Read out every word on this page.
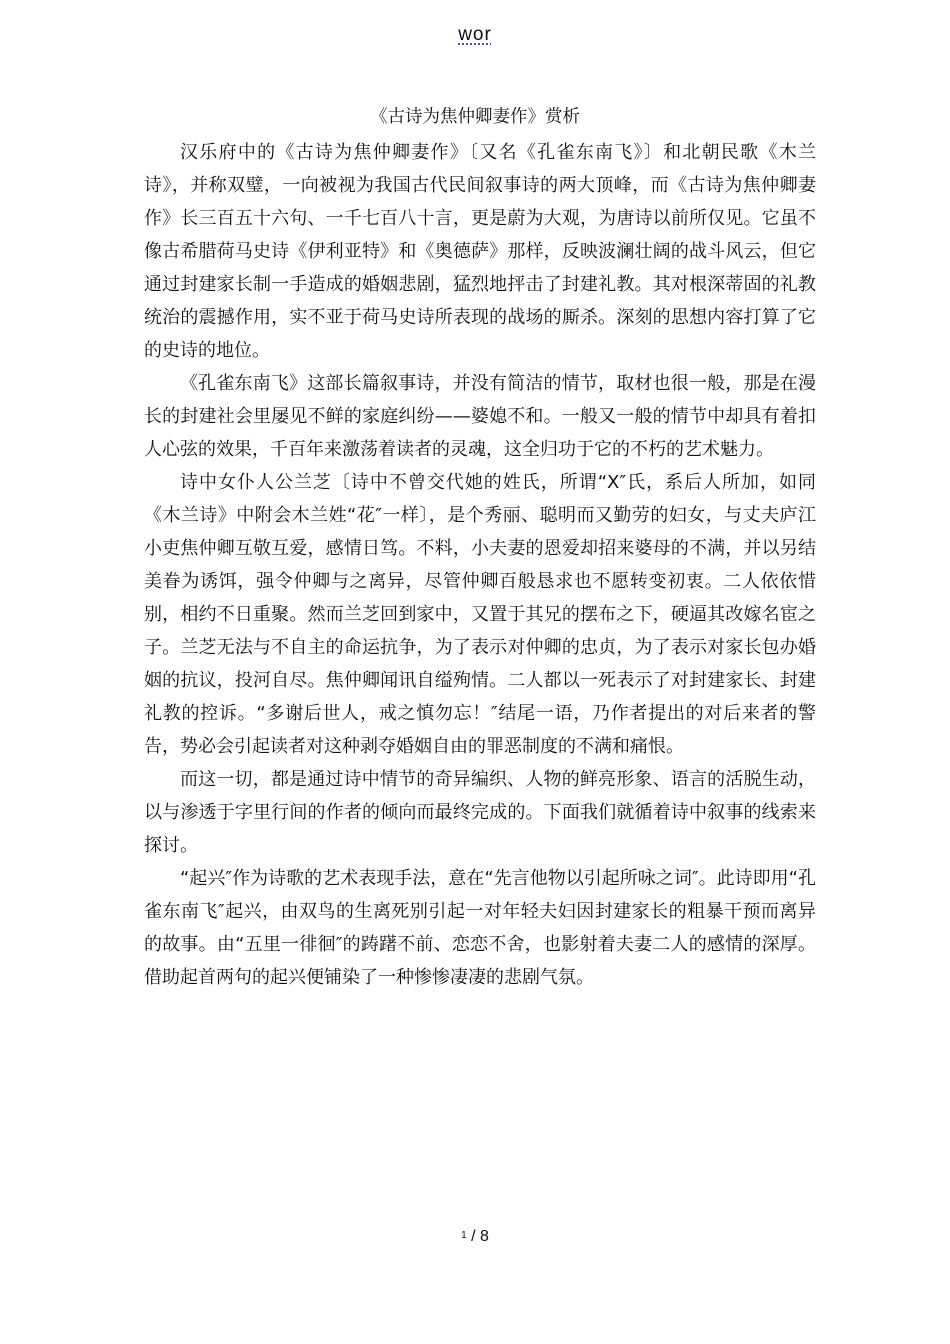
wor
《古诗为焦仲卿妻作》赏析

汉乐府中的《古诗为焦仲卿妻作》〔又名《孔雀东南飞》〕和北朝民歌《木兰诗》，并称双璧，一向被视为我国古代民间叙事诗的两大顶峰，而《古诗为焦仲卿妻作》长三百五十六句、一千七百八十言，更是蔚为大观，为唐诗以前所仅见。它虽不像古希腊荷马史诗《伊利亚特》和《奥德萨》那样，反映波澜壮阔的战斗风云，但它通过封建家长制一手造成的婚姻悲剧，猛烈地抨击了封建礼教。其对根深蒂固的礼教统治的震撼作用，实不亚于荷马史诗所表现的战场的厮杀。深刻的思想内容打算了它的史诗的地位。

《孔雀东南飞》这部长篇叙事诗，并没有简洁的情节，取材也很一般，那是在漫长的封建社会里屡见不鲜的家庭纠纷——婆媳不和。一般又一般的情节中却具有着扣人心弦的效果，千百年来激荡着读者的灵魂，这全归功于它的不朽的艺术魅力。

诗中女仆人公兰芝〔诗中不曾交代她的姓氏，所谓“X″氏，系后人所加，如同《木兰诗》中附会木兰姓“花″一样〕，是个秀丽、聪明而又勤劳的妇女，与丈夫庐江小吏焦仲卿互敬互爱，感情日笃。不料，小夫妻的恩爱却招来婆母的不满，并以另结美眷为诱饵，强令仲卿与之离异，尽管仲卿百般恳求也不愿转变初衷。二人依依惜别，相约不日重聚。然而兰芝回到家中，又置于其兄的摆布之下，硬逼其改嫁名宦之子。兰芝无法与不自主的命运抗争，为了表示对仲卿的忠贞，为了表示对家长包办婚姻的抗议，投河自尽。焦仲卿闻讯自缢殉情。二人都以一死表示了对封建家长、封建礼教的控诉。“多谢后世人，戒之慎勿忘！″结尾一语，乃作者提出的对后来者的警告，势必会引起读者对这种剥夺婚姻自由的罪恶制度的不满和痛恨。

而这一切，都是通过诗中情节的奇异编织、人物的鲜亮形象、语言的活脱生动，以与渗透于字里行间的作者的倾向而最终完成的。下面我们就循着诗中叙事的线索来探讨。

“起兴″作为诗歌的艺术表现手法，意在“先言他物以引起所咏之词″。此诗即用“孔雀东南飞″起兴，由双鸟的生离死别引起一对年轻夫妇因封建家长的粗暴干预而离异的故事。由“五里一徘徊″的踌躇不前、恋恋不舍，也影射着夫妻二人的感情的深厚。借助起首两句的起兴便铺染了一种惨惨凄凄的悲剧气氛。

1 / 8
